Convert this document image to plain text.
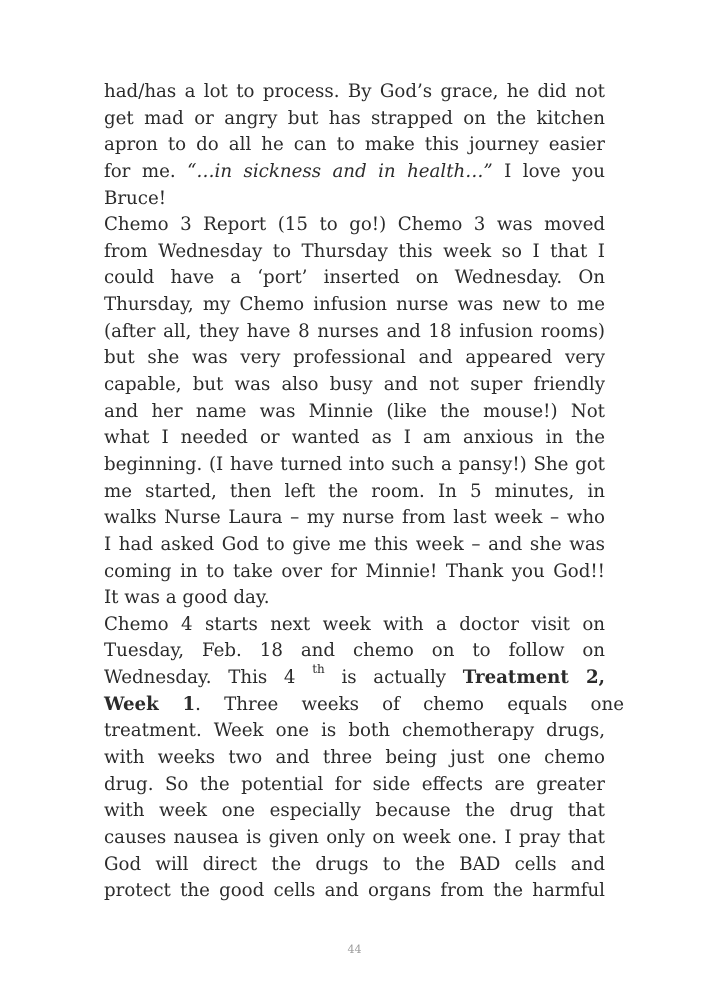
had/has a lot to process. By God’s grace, he did not
get mad or angry but has strapped on the kitchen
apron to do all he can to make this journey easier
for me. “…in sickness and in health…” I love you
Bruce!
Chemo 3 Report (15 to go!) Chemo 3 was moved
from Wednesday to Thursday this week so I that I
could have a ‘port’ inserted on Wednesday. On
Thursday, my Chemo infusion nurse was new to me
(after all, they have 8 nurses and 18 infusion rooms)
but she was very professional and appeared very
capable, but was also busy and not super friendly
and her name was Minnie (like the mouse!) Not
what I needed or wanted as I am anxious in the
beginning. (I have turned into such a pansy!) She got
me started, then left the room. In 5 minutes, in
walks Nurse Laura – my nurse from last week – who
I had asked God to give me this week – and she was
coming in to take over for Minnie! Thank you God!!
It was a good day.
Chemo 4 starts next week with a doctor visit on
Tuesday, Feb. 18 and chemo on to follow on
Wednesday. This 4 $^{th}$ is actually Treatment 2,
Week 1. Three weeks of chemo equals one
treatment. Week one is both chemotherapy drugs,
with weeks two and three being just one chemo
drug. So the potential for side effects are greater
with week one especially because the drug that
causes nausea is given only on week one. I pray that
God will direct the drugs to the BAD cells and
protect the good cells and organs from the harmful
44
